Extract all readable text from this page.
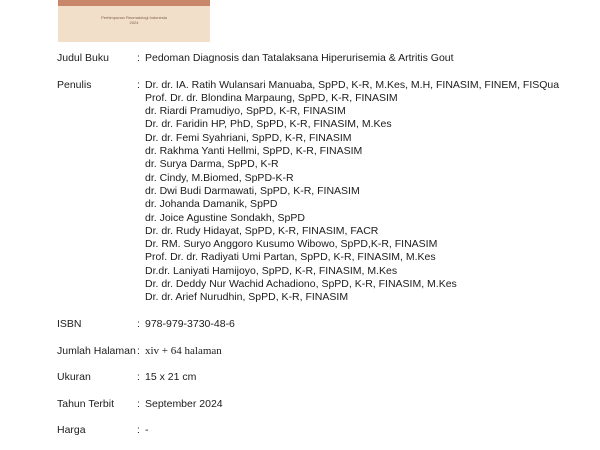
Perhimpunan Reumatologi Indonesia
2024
Judul Buku	: Pedoman Diagnosis dan Tatalaksana Hiperurisemia & Artritis Gout
Penulis	: Dr. dr. IA. Ratih Wulansari Manuaba, SpPD, K-R, M.Kes, M.H, FINASIM, FINEM, FISQua
Prof. Dr. dr. Blondina Marpaung, SpPD, K-R, FINASIM
dr. Riardi Pramudiyo, SpPD, K-R, FINASIM
Dr. dr. Faridin HP, PhD, SpPD, K-R, FINASIM, M.Kes
Dr. dr. Femi Syahriani, SpPD, K-R, FINASIM
dr. Rakhma Yanti Hellmi, SpPD, K-R, FINASIM
dr. Surya Darma, SpPD, K-R
dr. Cindy, M.Biomed, SpPD-K-R
dr. Dwi Budi Darmawati, SpPD, K-R, FINASIM
dr. Johanda Damanik, SpPD
dr. Joice Agustine Sondakh, SpPD
Dr. dr. Rudy Hidayat, SpPD, K-R, FINASIM, FACR
Dr. RM. Suryo Anggoro Kusumo Wibowo, SpPD,K-R, FINASIM
Prof. Dr. dr. Radiyati Umi Partan, SpPD, K-R, FINASIM, M.Kes
Dr.dr. Laniyati Hamijoyo, SpPD, K-R, FINASIM, M.Kes
Dr. dr. Deddy Nur Wachid Achadiono, SpPD, K-R, FINASIM, M.Kes
Dr. dr. Arief Nurudhin, SpPD, K-R, FINASIM
ISBN	: 978-979-3730-48-6
Jumlah Halaman : xiv + 64 halaman
Ukuran	: 15 x 21 cm
Tahun Terbit	: September 2024
Harga	: -
